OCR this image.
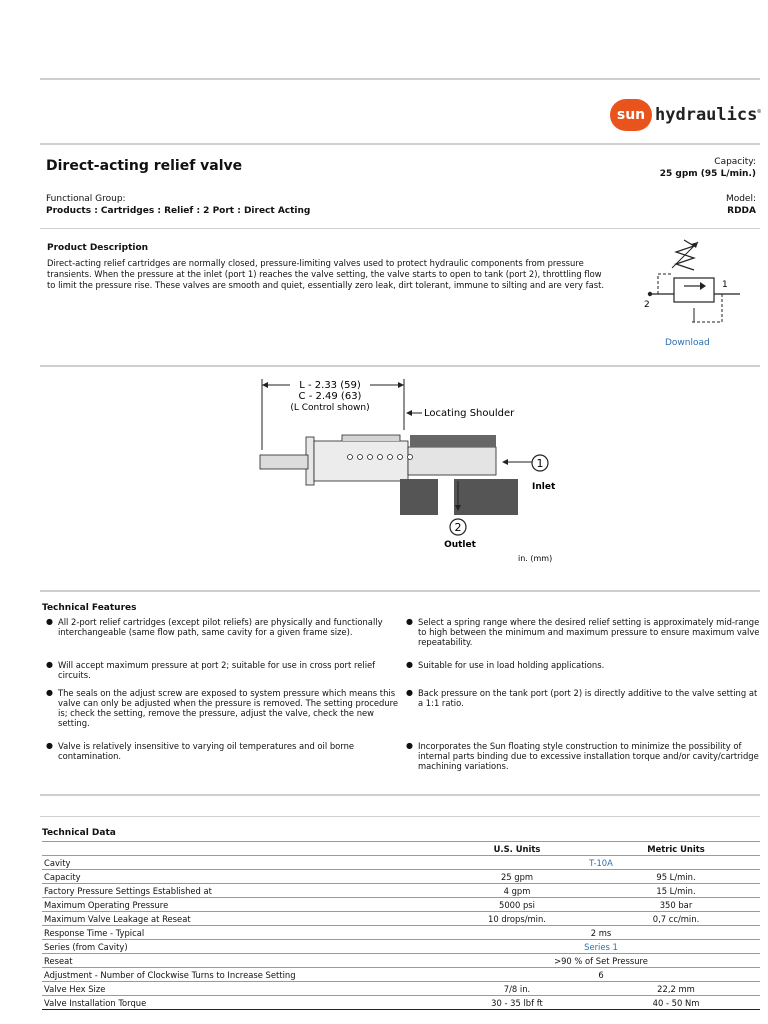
sun hydraulics®
Direct-acting relief valve	Capacity:
25 gpm (95 L/min.)
Functional Group:
Products : Cartridges : Relief : 2 Port : Direct Acting
Model:
RDDA
Product Description
Direct-acting relief cartridges are normally closed, pressure-limiting valves used to protect hydraulic components from pressure transients. When the pressure at the inlet (port 1) reaches the valve setting, the valve starts to open to tank (port 2), throttling flow to limit the pressure rise. These valves are smooth and quiet, essentially zero leak, dirt tolerant, immune to silting and are very fast.	1
2
Download
L - 2.33 (59)
C - 2.49 (63)
(L Control shown)	Locating Shoulder
1
Inlet
2
Outlet
in. (mm)
Technical Features
● All 2-port relief cartridges (except pilot reliefs) are physically and functionally interchangeable (same flow path, same cavity for a given frame size).
● Will accept maximum pressure at port 2; suitable for use in cross port relief circuits.
● The seals on the adjust screw are exposed to system pressure which means this valve can only be adjusted when the pressure is removed. The setting procedure is; check the setting, remove the pressure, adjust the valve, check the new setting.
● Valve is relatively insensitive to varying oil temperatures and oil borne contamination.
● Select a spring range where the desired relief setting is approximately mid-range to high between the minimum and maximum pressure to ensure maximum valve repeatability.
● Suitable for use in load holding applications.
● Back pressure on the tank port (port 2) is directly additive to the valve setting at a 1:1 ratio.
● Incorporates the Sun floating style construction to minimize the possibility of internal parts binding due to excessive installation torque and/or cavity/cartridge machining variations.
Technical Data
	U.S. Units	Metric Units
Cavity	T-10A	
Capacity	25 gpm	95 L/min.
Factory Pressure Settings Established at	4 gpm	15 L/min.
Maximum Operating Pressure	5000 psi	350 bar
Maximum Valve Leakage at Reseat	10 drops/min.	0,7 cc/min.
Response Time - Typical	2 ms	
Series (from Cavity)	Series 1	
Reseat	>90 % of Set Pressure	
Adjustment - Number of Clockwise Turns to Increase Setting	6	
Valve Hex Size	7/8 in.	22,2 mm
Valve Installation Torque	30 - 35 lbf ft	40 - 50 Nm
